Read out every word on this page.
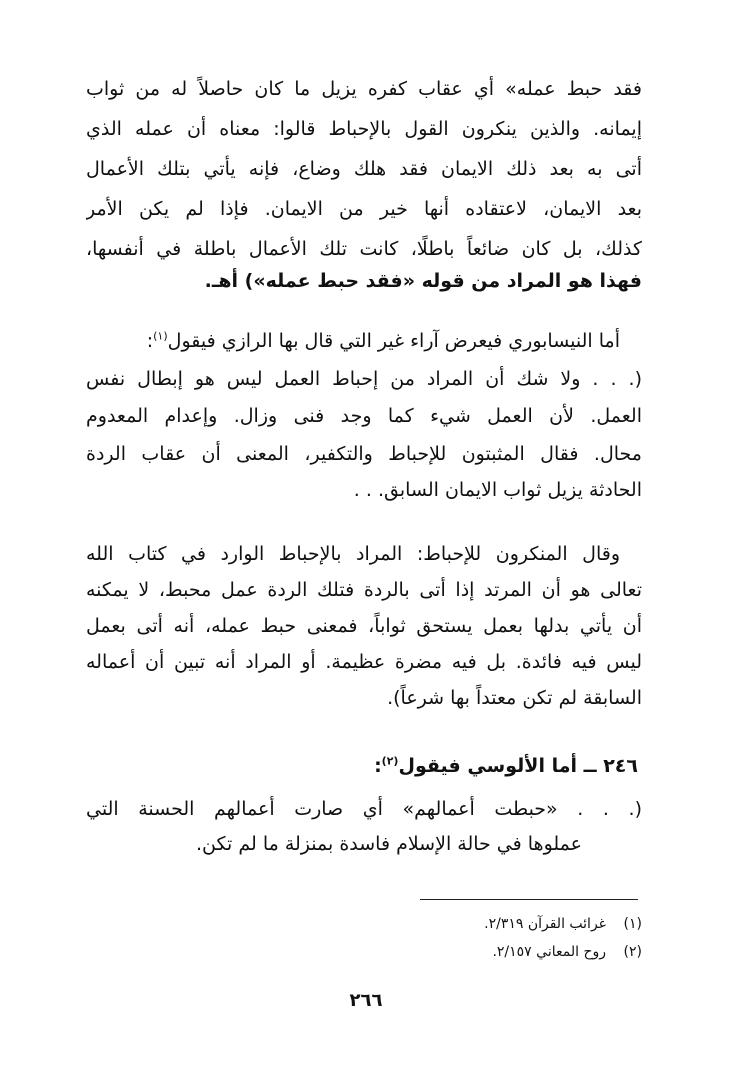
فقد حبط عمله» أي عقاب كفره يزيل ما كان حاصلاً له من ثواب
إيمانه. والذين ينكرون القول بالإحباط قالوا: معناه أن عمله الذي
أتى به بعد ذلك الايمان فقد هلك وضاع، فإنه يأتي بتلك الأعمال
بعد الايمان، لاعتقاده أنها خير من الايمان. فإذا لم يكن الأمر
كذلك، بل كان ضائعاً باطلًا، كانت تلك الأعمال باطلة في أنفسها،
فهذا هو المراد من قوله «فقد حبط عمله») أهـ.
أما النيسابوري فيعرض آراء غير التي قال بها الرازي فيقول$^{(١)}$:
(. . . ولا شك أن المراد من إحباط العمل ليس هو إبطال نفس
العمل. لأن العمل شيء كما وجد فنى وزال. وإعدام المعدوم
محال. فقال المثبتون للإحباط والتكفير، المعنى أن عقاب الردة
الحادثة يزيل ثواب الايمان السابق. . .
وقال المنكرون للإحباط: المراد بالإحباط الوارد في كتاب الله
تعالى هو أن المرتد إذا أتى بالردة فتلك الردة عمل محبط، لا يمكنه
أن يأتي بدلها بعمل يستحق ثواباً، فمعنى حبط عمله، أنه أتى بعمل
ليس فيه فائدة. بل فيه مضرة عظيمة. أو المراد أنه تبين أن أعماله
السابقة لم تكن معتداً بها شرعاً).
٢٤٦ ــ أما الألوسي فيقول$^{(٢)}$:
(. . . «حبطت أعمالهم» أي صارت أعمالهم الحسنة التي
عملوها في حالة الإسلام فاسدة بمنزلة ما لم تكن.
(١)غرائب القرآن ٢/٣١٩.
(٢)روح المعاني ٢/١٥٧.
٢٦٦
